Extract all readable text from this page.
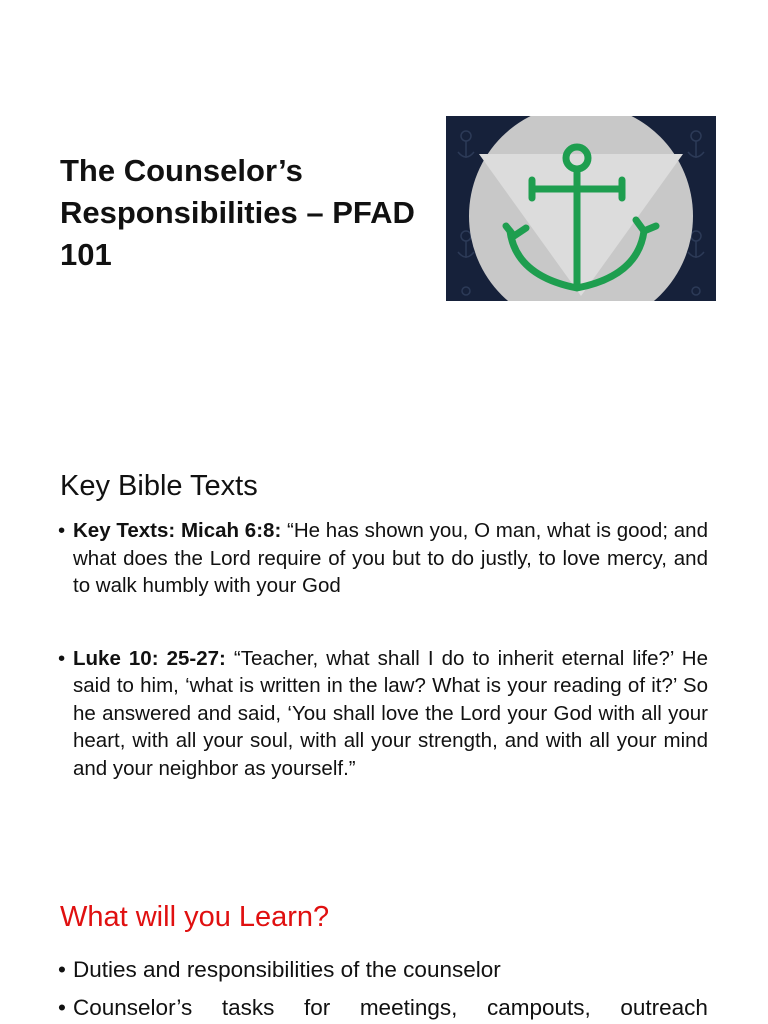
The Counselor’s
Responsibilities – PFAD
101
Key Bible Texts
• Key Texts: Micah 6:8: “He has shown you, O man, what is good; and what does the Lord require of you but to do justly, to love mercy, and to walk humbly with your God
• Luke 10: 25-27: “Teacher, what shall I do to inherit eternal life?’ He said to him, ‘what is written in the law? What is your reading of it?’ So he answered and said, ‘You shall love the Lord your God with all your heart, with all your soul, with all your strength, and with all your mind and your neighbor as yourself.”
What will you Learn?
• Duties and responsibilities of the counselor
• Counselor’s tasks for meetings, campouts, outreach
